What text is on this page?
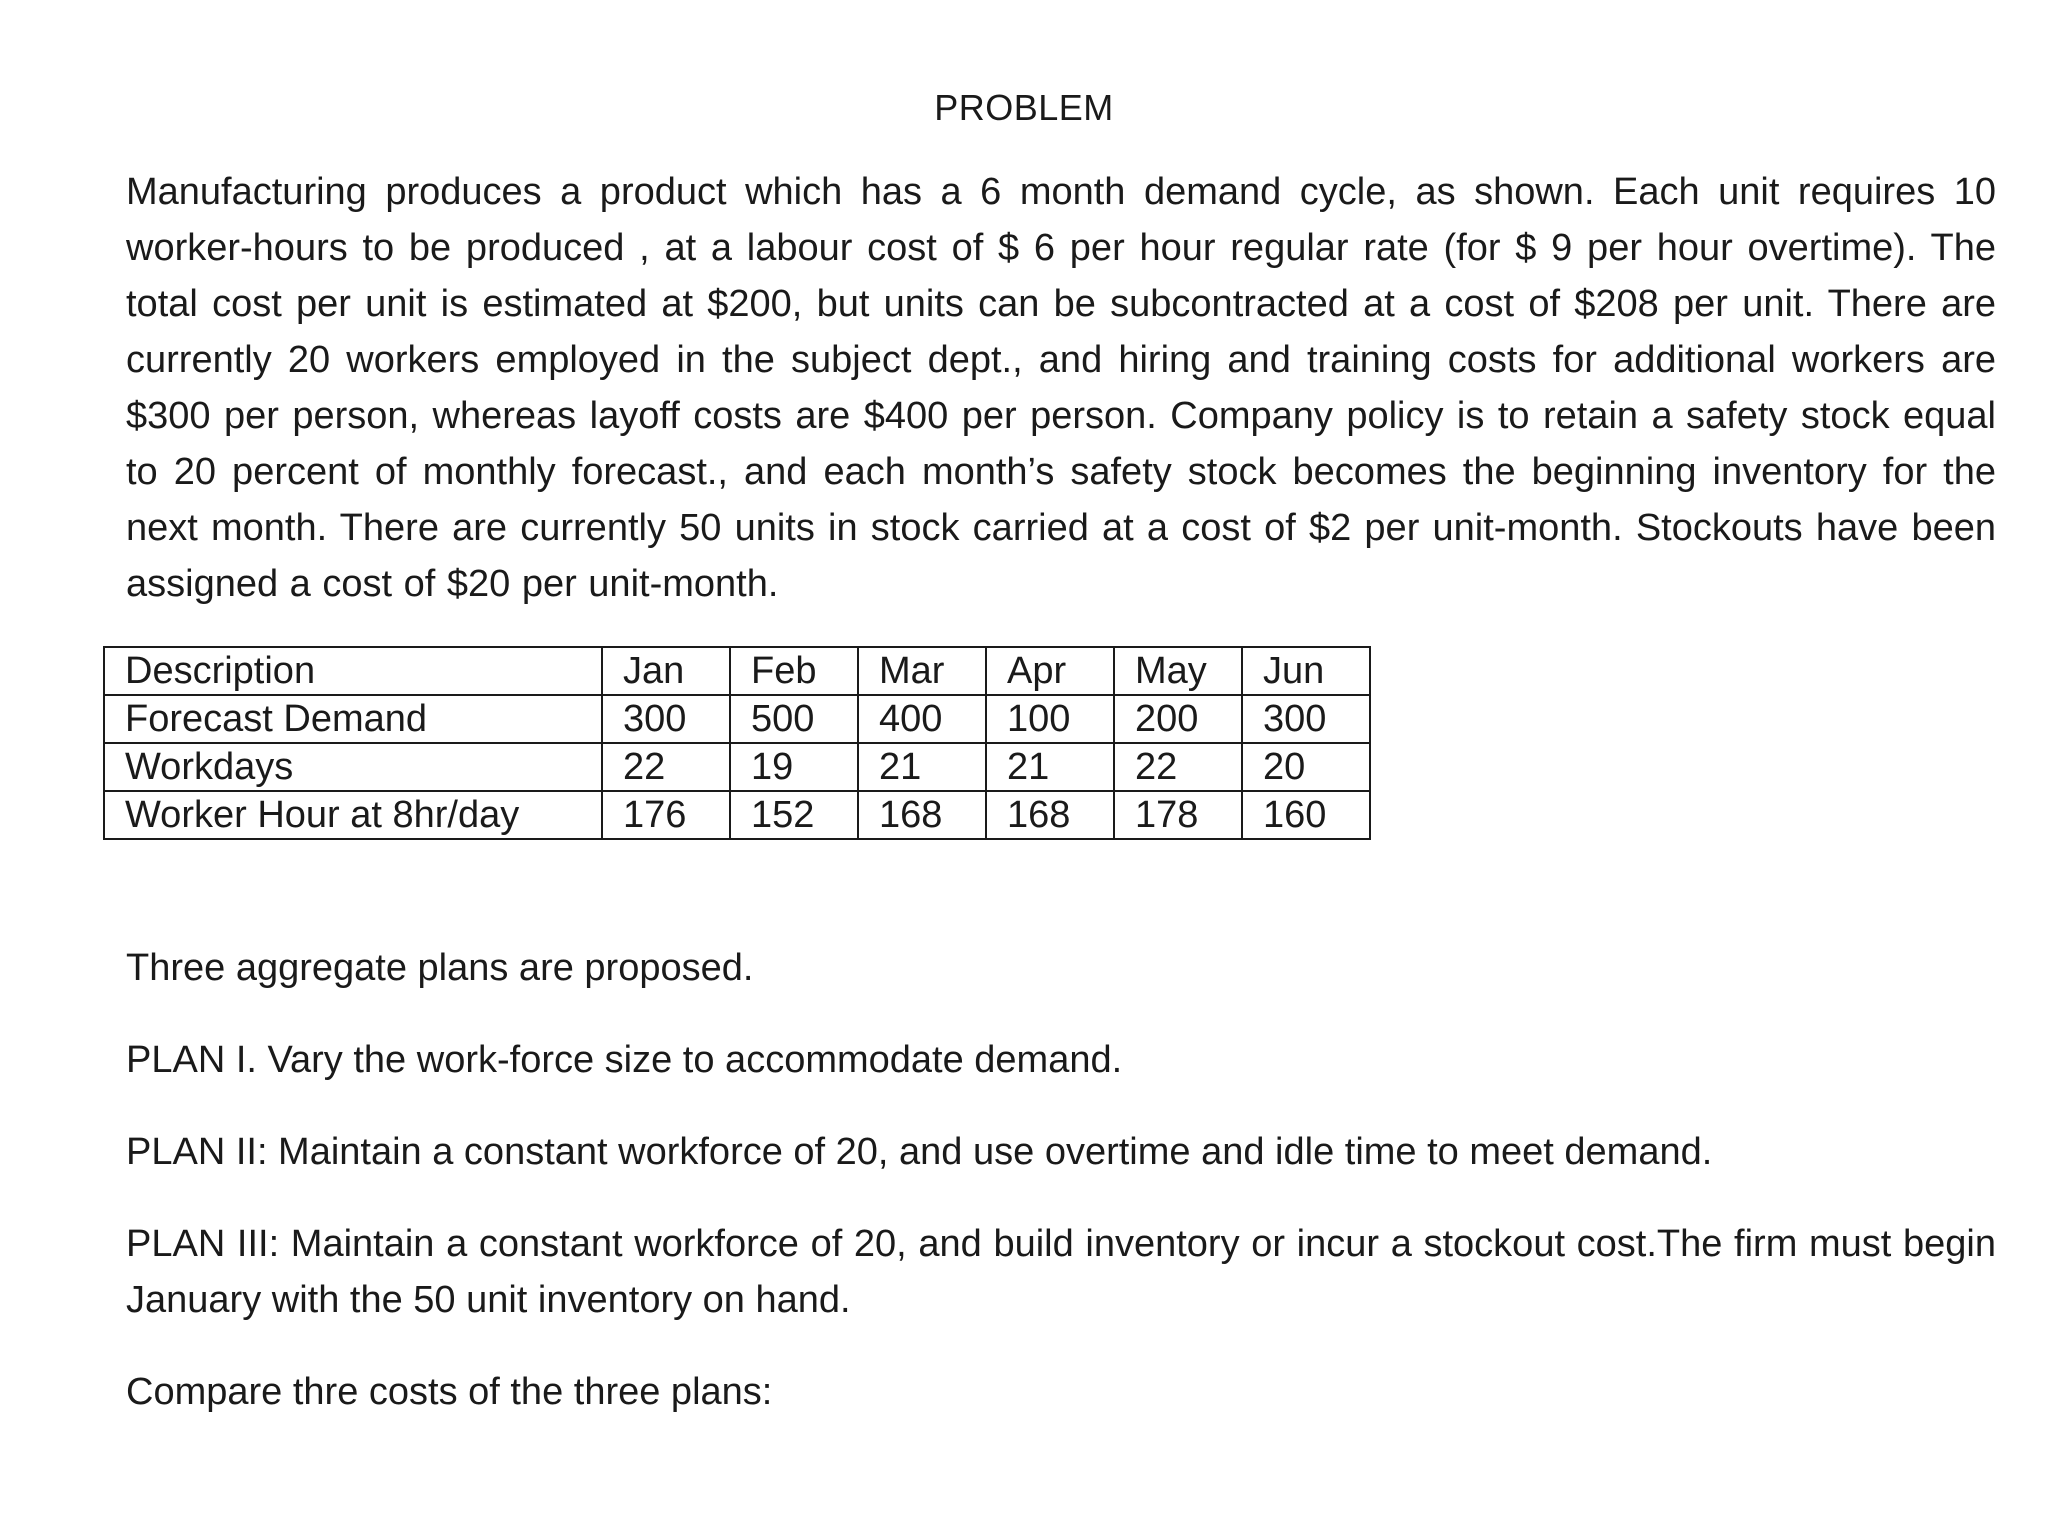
PROBLEM

Manufacturing produces a product which has a 6 month demand cycle, as shown. Each unit requires 10 worker-hours to be produced , at a labour cost of $ 6 per hour regular rate (for $ 9 per hour overtime). The total cost per unit is estimated at $200, but units can be subcontracted at a cost of $208 per unit. There are currently 20 workers employed in the subject dept., and hiring and training costs for additional workers are $300 per person, whereas layoff costs are $400 per person. Company policy is to retain a safety stock equal to 20 percent of monthly forecast., and each month’s safety stock becomes the beginning inventory for the next month. There are currently 50 units in stock carried at a cost of $2 per unit-month. Stockouts have been assigned a cost of $20 per unit-month.

Description	Jan	Feb	Mar	Apr	May	Jun
Forecast Demand	300	500	400	100	200	300
Workdays	22	19	21	21	22	20
Worker Hour at 8hr/day	176	152	168	168	178	160

Three aggregate plans are proposed.

PLAN I. Vary the work-force size to accommodate demand.

PLAN II: Maintain a constant workforce of 20, and use overtime and idle time to meet demand.

PLAN III: Maintain a constant workforce of 20, and build inventory or incur a stockout cost.The firm must begin January with the 50 unit inventory on hand.

Compare thre costs of the three plans:
